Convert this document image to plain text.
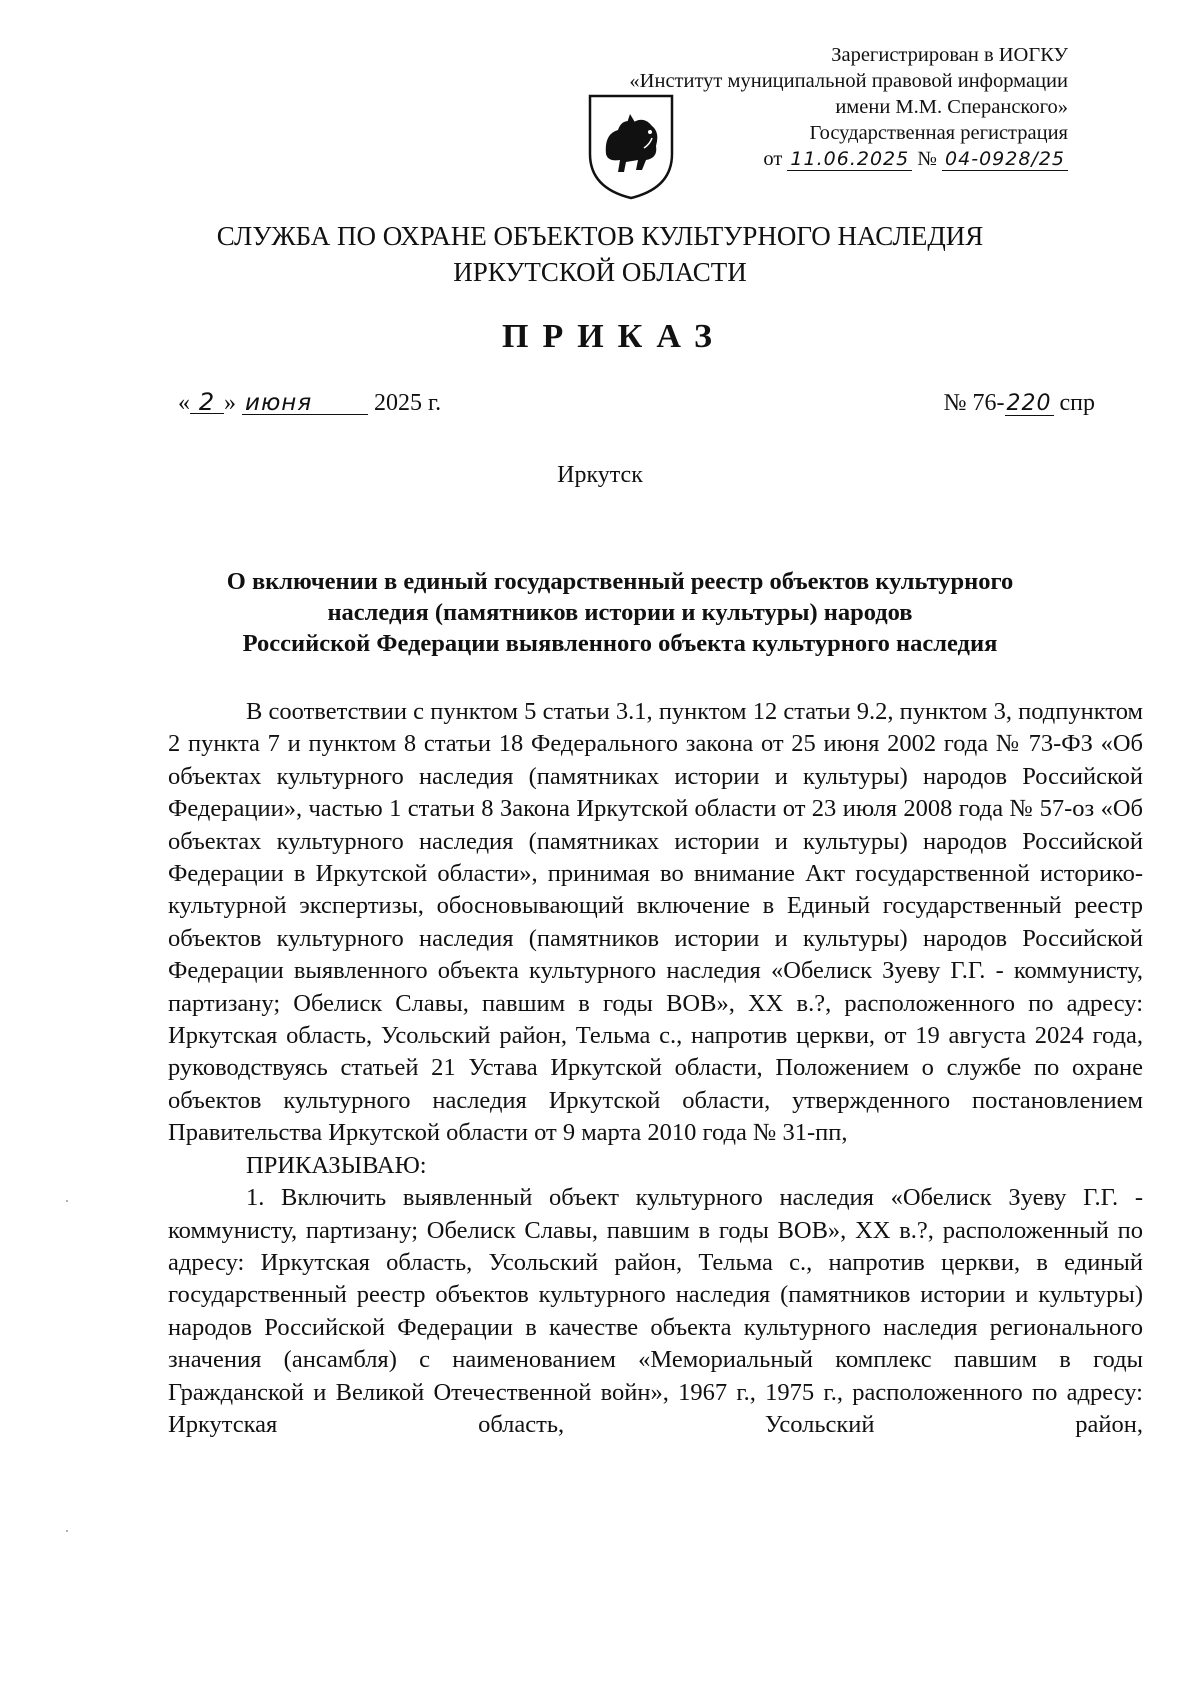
Зарегистрирован в ИОГКУ
«Институт муниципальной правовой информации
имени М.М. Сперанского»
Государственная регистрация
от 11.06.2025 № 04-0928/25
СЛУЖБА ПО ОХРАНЕ ОБЪЕКТОВ КУЛЬТУРНОГО НАСЛЕДИЯ
ИРКУТСКОЙ ОБЛАСТИ
ПРИКАЗ
« 2 » июня	2025 г.	№ 76-220 спр
Иркутск
О включении в единый государственный реестр объектов культурного
наследия (памятников истории и культуры) народов
Российской Федерации выявленного объекта культурного наследия

В соответствии с пунктом 5 статьи 3.1, пунктом 12 статьи 9.2, пунктом 3, подпунктом 2 пункта 7 и пунктом 8 статьи 18 Федерального закона от 25 июня 2002 года № 73-ФЗ «Об объектах культурного наследия (памятниках истории и культуры) народов Российской Федерации», частью 1 статьи 8 Закона Иркутской области от 23 июля 2008 года № 57-оз «Об объектах культурного наследия (памятниках истории и культуры) народов Российской Федерации в Иркутской области», принимая во внимание Акт государственной историко-культурной экспертизы, обосновывающий включение в Единый государственный реестр объектов культурного наследия (памятников истории и культуры) народов Российской Федерации выявленного объекта культурного наследия «Обелиск Зуеву Г.Г. - коммунисту, партизану; Обелиск Славы, павшим в годы ВОВ», XX в.?, расположенного по адресу: Иркутская область, Усольский район, Тельма с., напротив церкви, от 19 августа 2024 года, руководствуясь статьей 21 Устава Иркутской области, Положением о службе по охране объектов культурного наследия Иркутской области, утвержденного постановлением Правительства Иркутской области от 9 марта 2010 года № 31-пп,

ПРИКАЗЫВАЮ:

1. Включить выявленный объект культурного наследия «Обелиск Зуеву Г.Г. - коммунисту, партизану; Обелиск Славы, павшим в годы ВОВ», XX в.?, расположенный по адресу: Иркутская область, Усольский район, Тельма с., напротив церкви, в единый государственный реестр объектов культурного наследия (памятников истории и культуры) народов Российской Федерации в качестве объекта культурного наследия регионального значения (ансамбля) с наименованием «Мемориальный комплекс павшим в годы Гражданской и Великой Отечественной войн», 1967 г., 1975 г., расположенного по адресу: Иркутская область, Усольский район,
